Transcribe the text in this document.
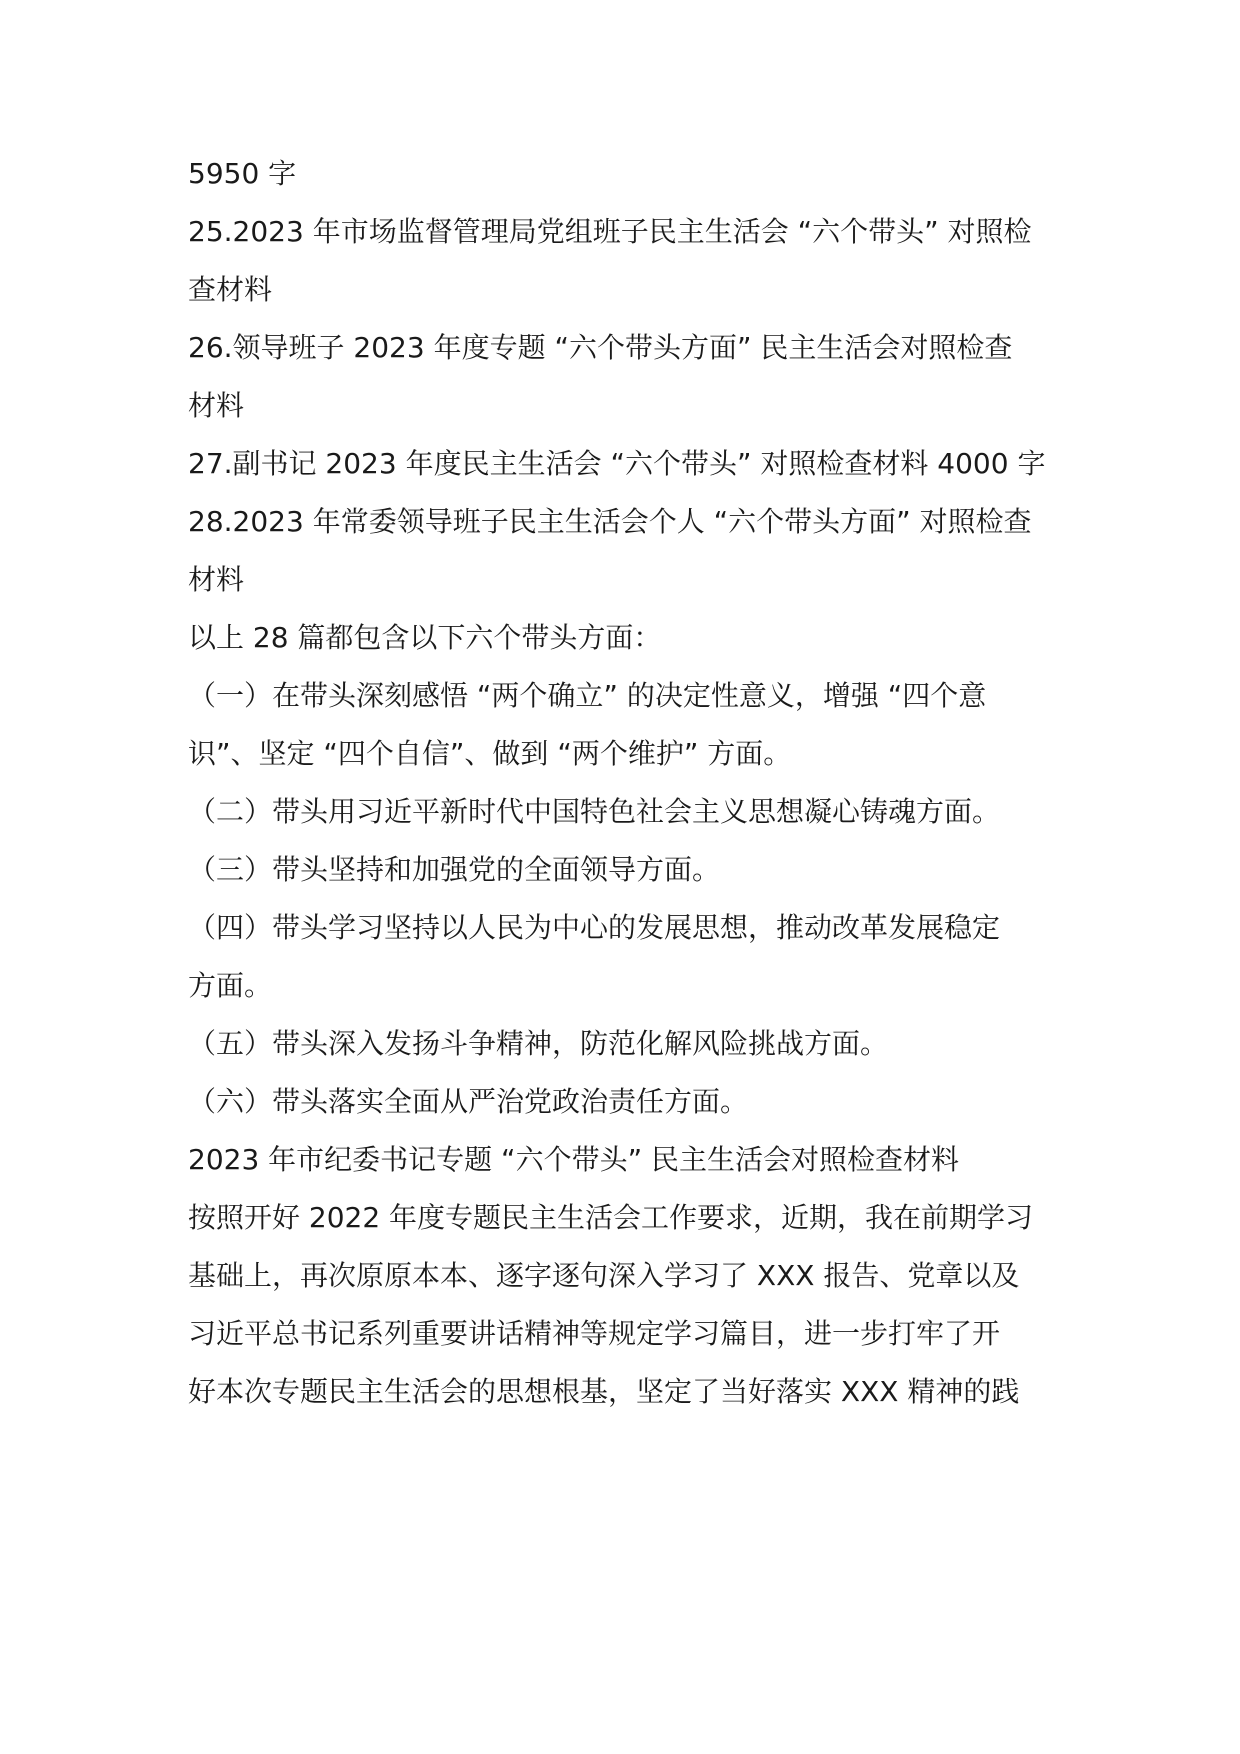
5950 字
25.2023 年市场监督管理局党组班子民主生活会 “六个带头” 对照检
查材料
26.领导班子 2023 年度专题 “六个带头方面” 民主生活会对照检查
材料
27.副书记 2023 年度民主生活会 “六个带头” 对照检查材料 4000 字
28.2023 年常委领导班子民主生活会个人 “六个带头方面” 对照检查
材料
以上 28 篇都包含以下六个带头方面：
（一）在带头深刻感悟 “两个确立” 的决定性意义，增强 “四个意
识”、坚定 “四个自信”、做到 “两个维护” 方面。
（二）带头用习近平新时代中国特色社会主义思想凝心铸魂方面。
（三）带头坚持和加强党的全面领导方面。
（四）带头学习坚持以人民为中心的发展思想，推动改革发展稳定
方面。
（五）带头深入发扬斗争精神，防范化解风险挑战方面。
（六）带头落实全面从严治党政治责任方面。
2023 年市纪委书记专题 “六个带头” 民主生活会对照检查材料
按照开好 2022 年度专题民主生活会工作要求，近期，我在前期学习
基础上，再次原原本本、逐字逐句深入学习了 XXX 报告、党章以及
习近平总书记系列重要讲话精神等规定学习篇目，进一步打牢了开
好本次专题民主生活会的思想根基，坚定了当好落实 XXX 精神的践
